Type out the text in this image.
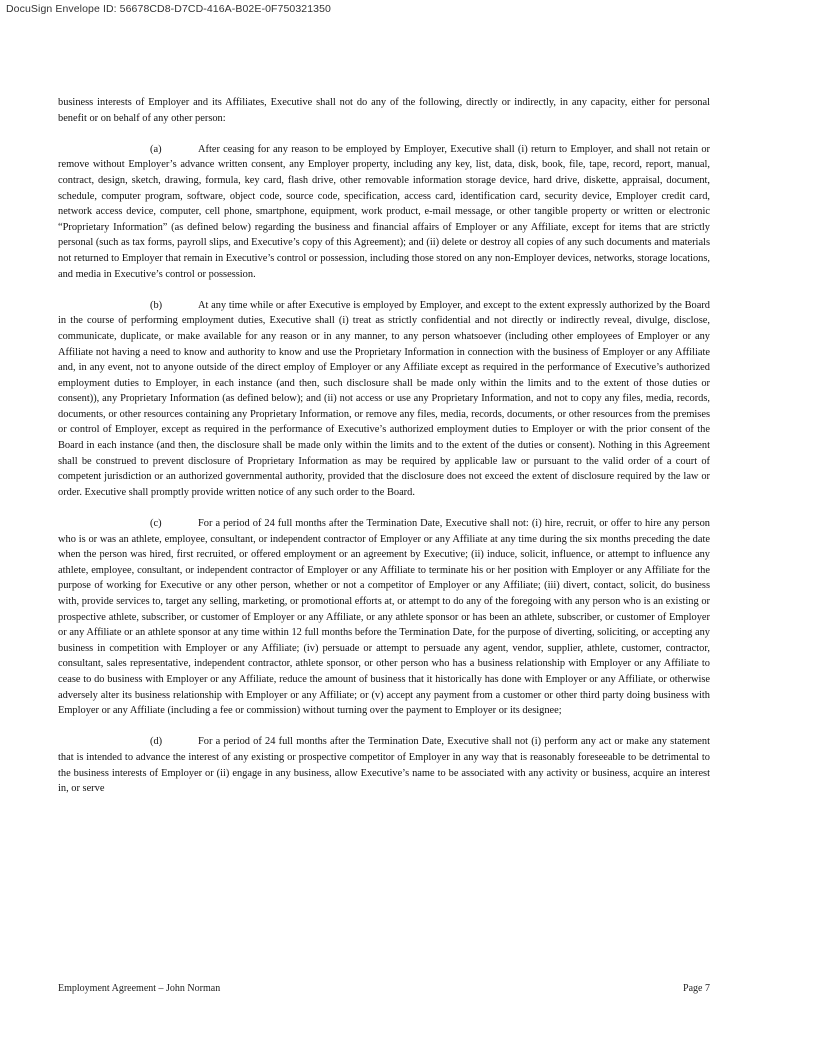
DocuSign Envelope ID: 56678CD8-D7CD-416A-B02E-0F750321350

business interests of Employer and its Affiliates, Executive shall not do any of the following, directly or indirectly, in any capacity, either for personal benefit or on behalf of any other person:

(a)	After ceasing for any reason to be employed by Employer, Executive shall (i) return to Employer, and shall not retain or remove without Employer’s advance written consent, any Employer property, including any key, list, data, disk, book, file, tape, record, report, manual, contract, design, sketch, drawing, formula, key card, flash drive, other removable information storage device, hard drive, diskette, appraisal, document, schedule, computer program, software, object code, source code, specification, access card, identification card, security device, Employer credit card, network access device, computer, cell phone, smartphone, equipment, work product, e-mail message, or other tangible property or written or electronic “Proprietary Information” (as defined below) regarding the business and financial affairs of Employer or any Affiliate, except for items that are strictly personal (such as tax forms, payroll slips, and Executive’s copy of this Agreement); and (ii) delete or destroy all copies of any such documents and materials not returned to Employer that remain in Executive’s control or possession, including those stored on any non-Employer devices, networks, storage locations, and media in Executive’s control or possession.

(b)	At any time while or after Executive is employed by Employer, and except to the extent expressly authorized by the Board in the course of performing employment duties, Executive shall (i) treat as strictly confidential and not directly or indirectly reveal, divulge, disclose, communicate, duplicate, or make available for any reason or in any manner, to any person whatsoever (including other employees of Employer or any Affiliate not having a need to know and authority to know and use the Proprietary Information in connection with the business of Employer or any Affiliate and, in any event, not to anyone outside of the direct employ of Employer or any Affiliate except as required in the performance of Executive’s authorized employment duties to Employer, in each instance (and then, such disclosure shall be made only within the limits and to the extent of those duties or consent)), any Proprietary Information (as defined below); and (ii) not access or use any Proprietary Information, and not to copy any files, media, records, documents, or other resources containing any Proprietary Information, or remove any files, media, records, documents, or other resources from the premises or control of Employer, except as required in the performance of Executive’s authorized employment duties to Employer or with the prior consent of the Board in each instance (and then, the disclosure shall be made only within the limits and to the extent of the duties or consent). Nothing in this Agreement shall be construed to prevent disclosure of Proprietary Information as may be required by applicable law or pursuant to the valid order of a court of competent jurisdiction or an authorized governmental authority, provided that the disclosure does not exceed the extent of disclosure required by the law or order. Executive shall promptly provide written notice of any such order to the Board.

(c)	For a period of 24 full months after the Termination Date, Executive shall not: (i) hire, recruit, or offer to hire any person who is or was an athlete, employee, consultant, or independent contractor of Employer or any Affiliate at any time during the six months preceding the date when the person was hired, first recruited, or offered employment or an agreement by Executive; (ii) induce, solicit, influence, or attempt to influence any athlete, employee, consultant, or independent contractor of Employer or any Affiliate to terminate his or her position with Employer or any Affiliate for the purpose of working for Executive or any other person, whether or not a competitor of Employer or any Affiliate; (iii) divert, contact, solicit, do business with, provide services to, target any selling, marketing, or promotional efforts at, or attempt to do any of the foregoing with any person who is an existing or prospective athlete, subscriber, or customer of Employer or any Affiliate, or any athlete sponsor or has been an athlete, subscriber, or customer of Employer or any Affiliate or an athlete sponsor at any time within 12 full months before the Termination Date, for the purpose of diverting, soliciting, or accepting any business in competition with Employer or any Affiliate; (iv) persuade or attempt to persuade any agent, vendor, supplier, athlete, customer, contractor, consultant, sales representative, independent contractor, athlete sponsor, or other person who has a business relationship with Employer or any Affiliate to cease to do business with Employer or any Affiliate, reduce the amount of business that it historically has done with Employer or any Affiliate, or otherwise adversely alter its business relationship with Employer or any Affiliate; or (v) accept any payment from a customer or other third party doing business with Employer or any Affiliate (including a fee or commission) without turning over the payment to Employer or its designee;

(d)	For a period of 24 full months after the Termination Date, Executive shall not (i) perform any act or make any statement that is intended to advance the interest of any existing or prospective competitor of Employer in any way that is reasonably foreseeable to be detrimental to the business interests of Employer or (ii) engage in any business, allow Executive’s name to be associated with any activity or business, acquire an interest in, or serve

Employment Agreement – John Norman	Page 7
